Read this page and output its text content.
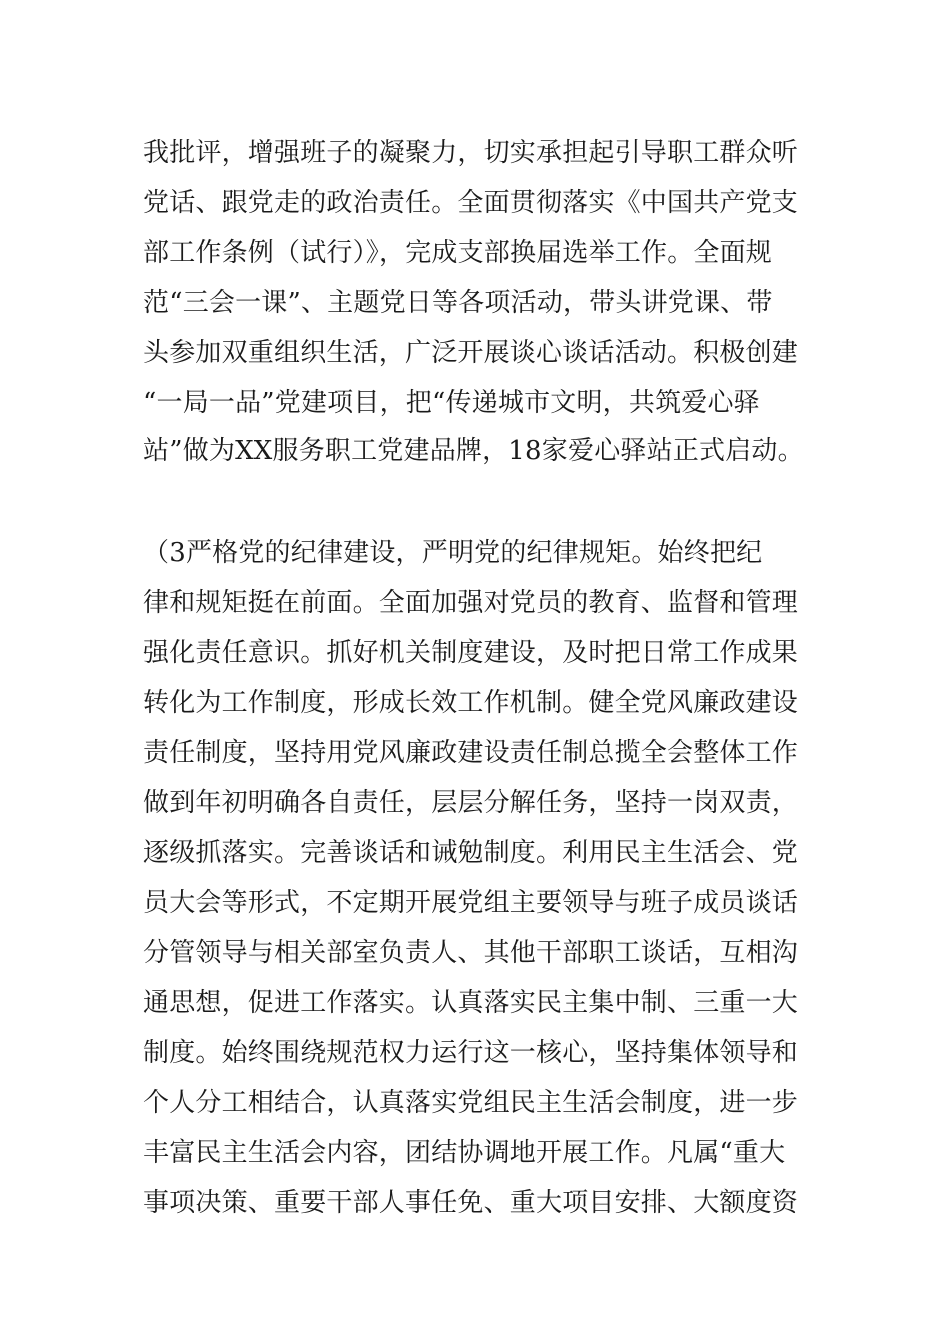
我批评，增强班子的凝聚力，切实承担起引导职工群众听
党话、跟党走的政治责任。全面贯彻落实《中国共产党支
部工作条例（试行）》，完成支部换届选举工作。全面规
范“三会一课”、主题党日等各项活动，带头讲党课、带
头参加双重组织生活，广泛开展谈心谈话活动。积极创建
“一局一品”党建项目，把“传递城市文明，共筑爱心驿
站”做为XX服务职工党建品牌，18家爱心驿站正式启动。
（3严格党的纪律建设，严明党的纪律规矩。始终把纪
律和规矩挺在前面。全面加强对党员的教育、监督和管理
强化责任意识。抓好机关制度建设，及时把日常工作成果
转化为工作制度，形成长效工作机制。健全党风廉政建设
责任制度，坚持用党风廉政建设责任制总揽全会整体工作
做到年初明确各自责任，层层分解任务，坚持一岗双责，
逐级抓落实。完善谈话和诫勉制度。利用民主生活会、党
员大会等形式，不定期开展党组主要领导与班子成员谈话
分管领导与相关部室负责人、其他干部职工谈话，互相沟
通思想，促进工作落实。认真落实民主集中制、三重一大
制度。始终围绕规范权力运行这一核心，坚持集体领导和
个人分工相结合，认真落实党组民主生活会制度，进一步
丰富民主生活会内容，团结协调地开展工作。凡属“重大
事项决策、重要干部人事任免、重大项目安排、大额度资
